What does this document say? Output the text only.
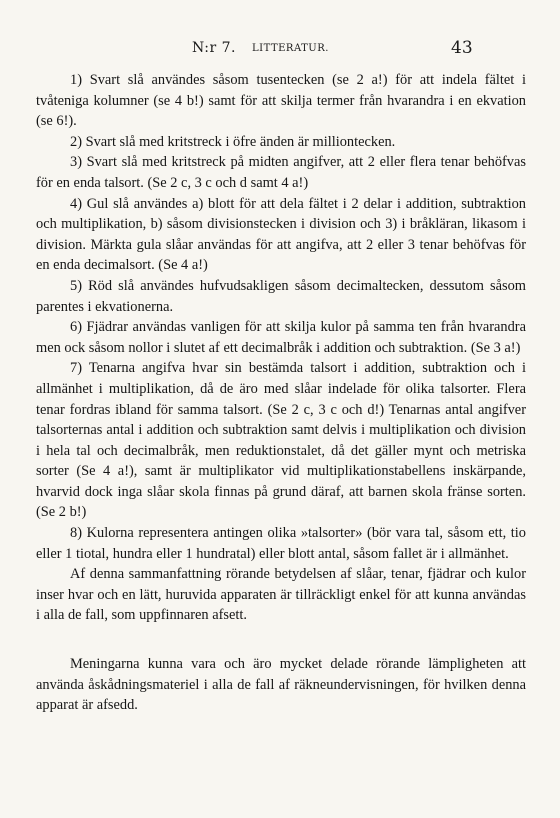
N:r 7. LITTERATUR.	43

1) Svart slå användes såsom tusentecken (se 2 a!) för att indela fältet i tvåteniga kolumner (se 4 b!) samt för att skilja termer från hvarandra i en ekvation (se 6!).

2) Svart slå med kritstreck i öfre änden är milliontecken.

3) Svart slå med kritstreck på midten angifver, att 2 eller flera tenar behöfvas för en enda talsort. (Se 2 c, 3 c och d samt 4 a!)

4) Gul slå användes a) blott för att dela fältet i 2 delar i addition, subtraktion och multiplikation, b) såsom divisionstecken i division och 3) i bråkläran, likasom i division. Märkta gula slåar användas för att angifva, att 2 eller 3 tenar behöfvas för en enda decimalsort. (Se 4 a!)

5) Röd slå användes hufvudsakligen såsom decimaltecken, dessutom såsom parentes i ekvationerna.

6) Fjädrar användas vanligen för att skilja kulor på samma ten från hvarandra men ock såsom nollor i slutet af ett decimalbråk i addition och subtraktion. (Se 3 a!)

7) Tenarna angifva hvar sin bestämda talsort i addition, subtraktion och i allmänhet i multiplikation, då de äro med slåar indelade för olika talsorter. Flera tenar fordras ibland för samma talsort. (Se 2 c, 3 c och d!) Tenarnas antal angifver talsorternas antal i addition och subtraktion samt delvis i multiplikation och division i hela tal och decimalbråk, men reduktionstalet, då det gäller mynt och metriska sorter (Se 4 a!), samt är multiplikator vid multiplikationstabellens inskärpande, hvarvid dock inga slåar skola finnas på grund däraf, att barnen skola fränse sorten. (Se 2 b!)

8) Kulorna representera antingen olika »talsorter» (bör vara tal, såsom ett, tio eller 1 tiotal, hundra eller 1 hundratal) eller blott antal, såsom fallet är i allmänhet.

Af denna sammanfattning rörande betydelsen af slåar, tenar, fjädrar och kulor inser hvar och en lätt, huruvida apparaten är tillräckligt enkel för att kunna användas i alla de fall, som uppfinnaren afsett.

Meningarna kunna vara och äro mycket delade rörande lämpligheten att använda åskådningsmateriel i alla de fall af räkneundervisningen, för hvilken denna apparat är afsedd.
